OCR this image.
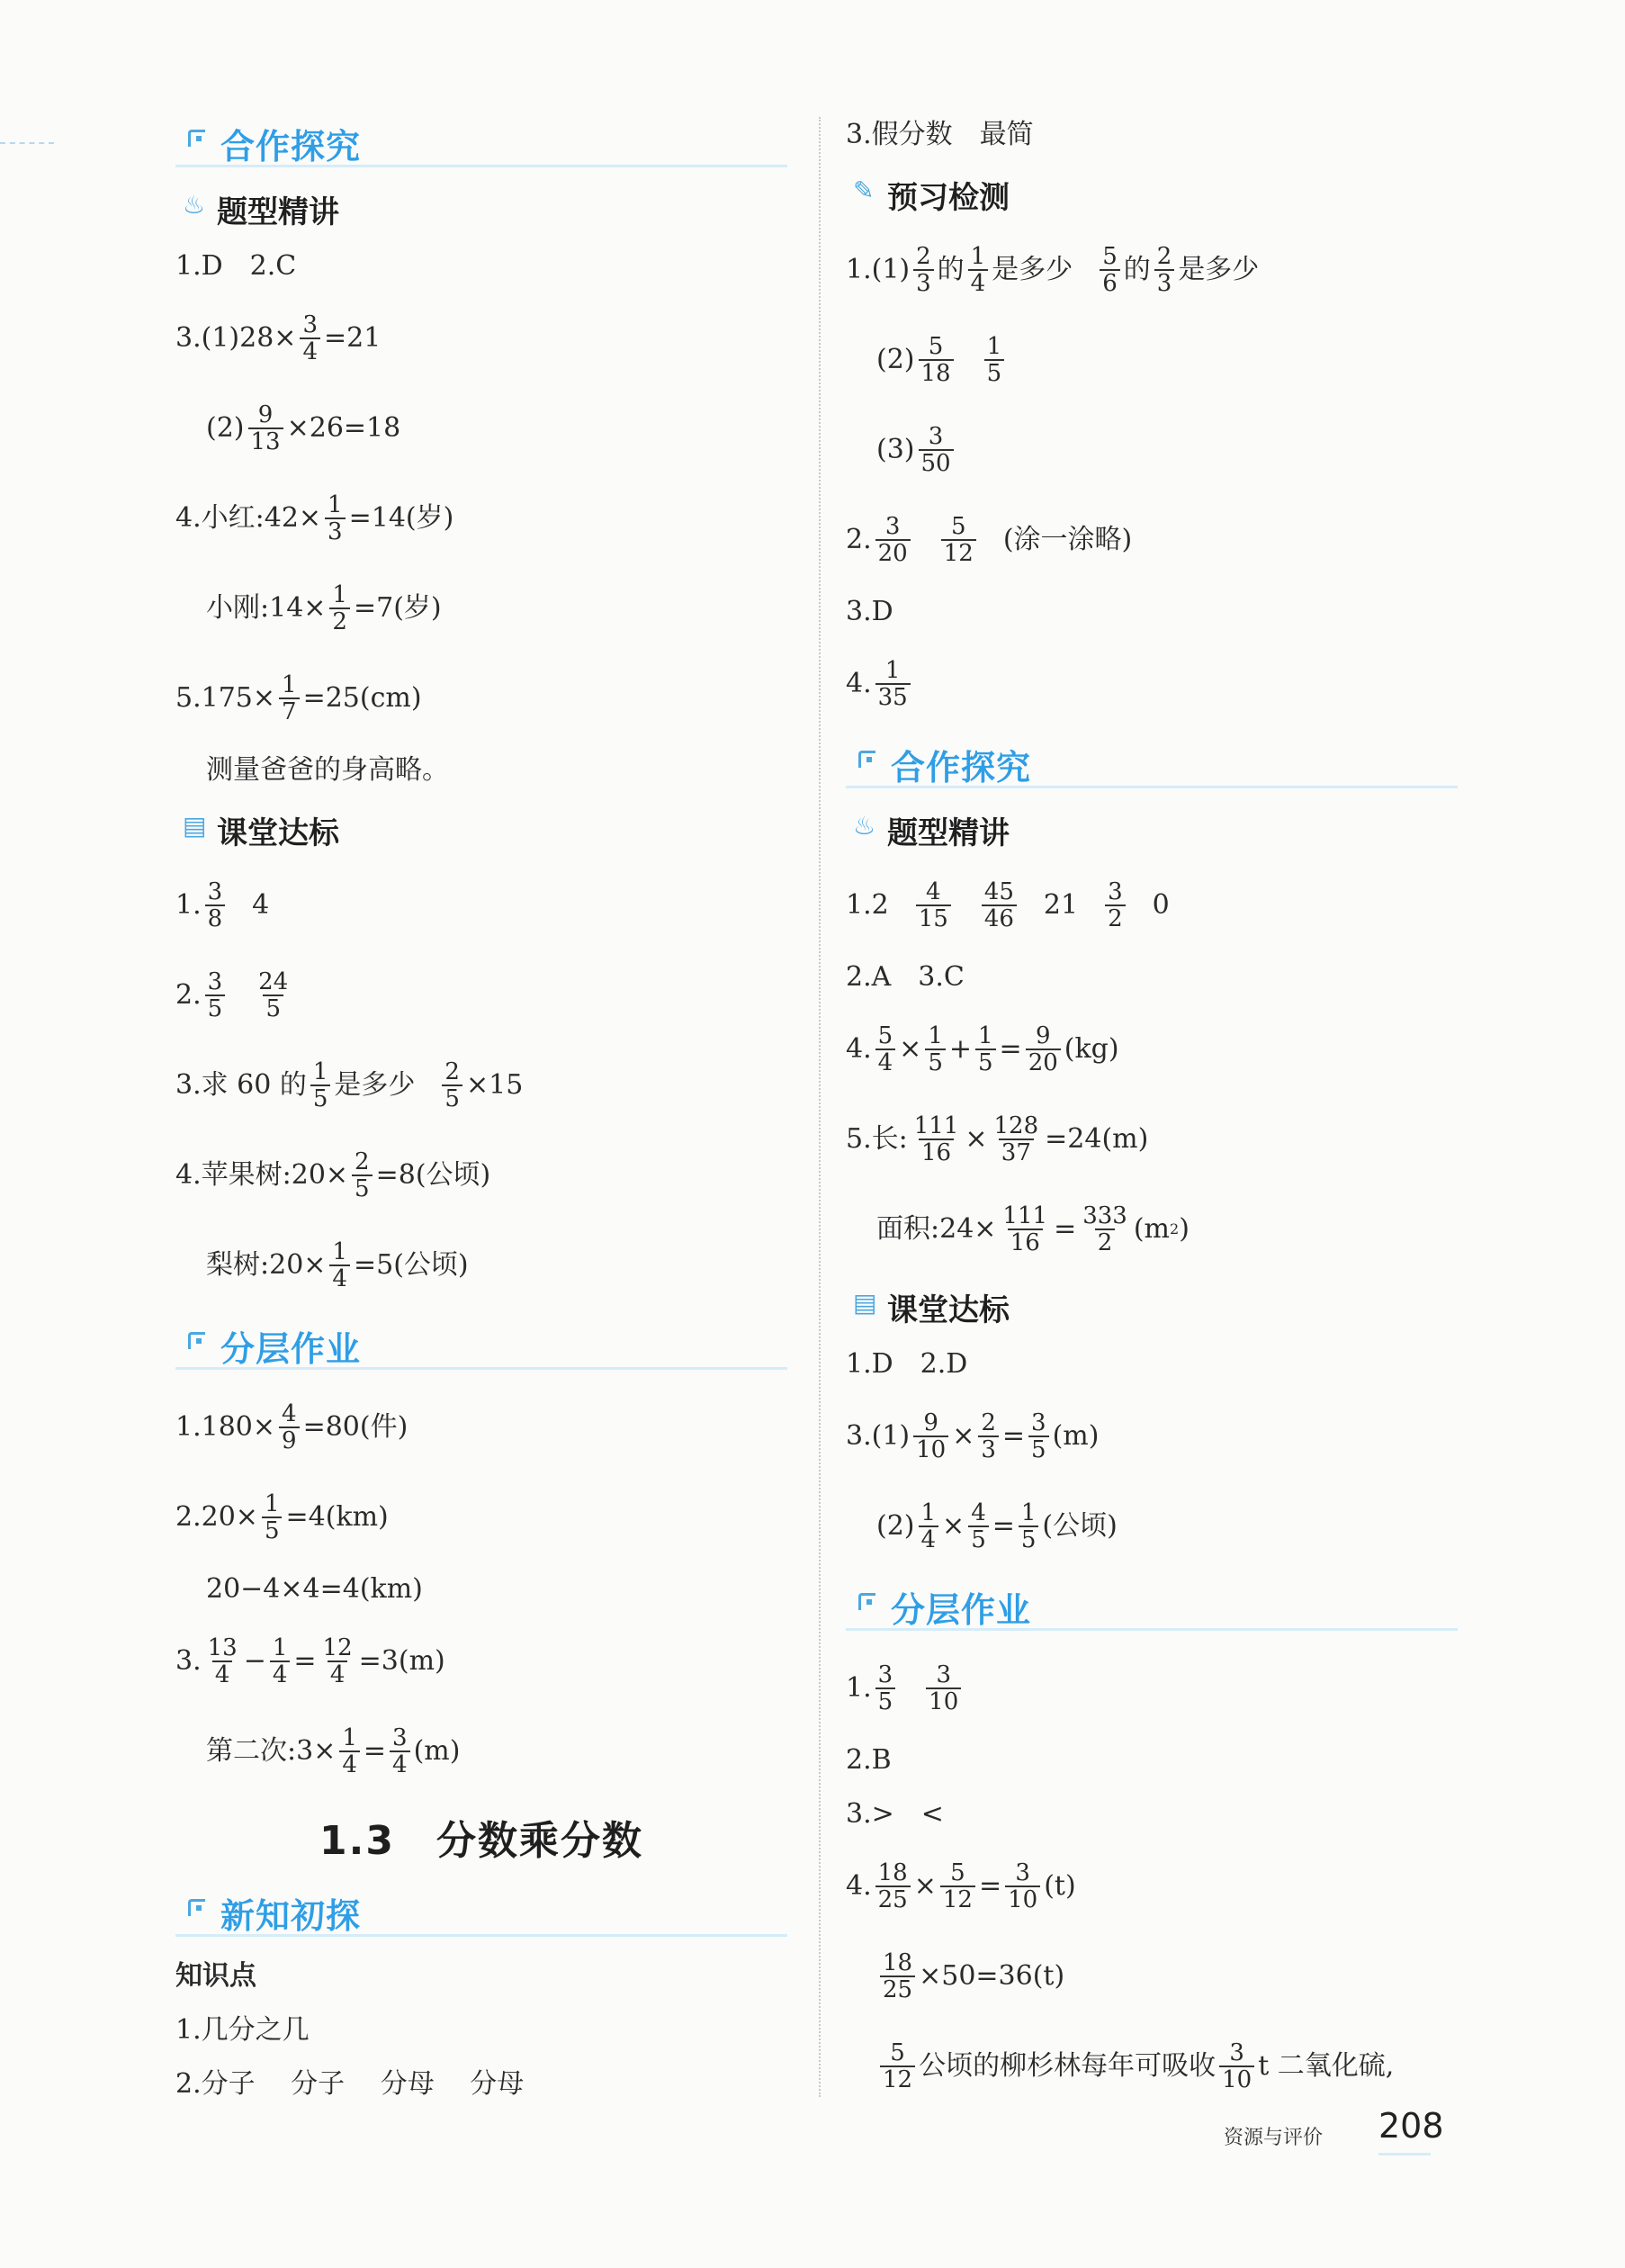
合作探究
♨ 题型精讲
1.D　2.C
$3.(1)28\times \frac{3}{4} =21$
$(2) \frac{9}{13} \times 26=18$
4.小红:42× $\frac{1}{3} =14$(岁)
小刚:14× $\frac{1}{2} =7$(岁)
$5.175\times \frac{1}{7} =25(cm)$
测量爸爸的身高略。
▤ 课堂达标
1. 3
8 4
2. 3
5
24
5
3.求 60 的 1
5 是多少 $\frac{2}{5} \times 15$
4.苹果树:20× $\frac{2}{5} =8$(公顷)
梨树:20× $\frac{1}{4} =5$(公顷)
分层作业
$1.180\times \frac{4}{9} =80$(件)
$2.20\times \frac{1}{5} =4(km)$
20−4×4=4(km)
3. 13
$4 - \frac{1}{4} = \frac{12}{4} =3(m)$
第二次:3× $\frac{1}{4} = \frac{3}{4} (m)$
1.3　分数乘分数
新知初探
知识点
1.几分之几
2.分子　 分子　 分母　 分母
3.假分数　最简
✎ 预习检测
1.(1) 2
3 的 1
4 是多少 5
6 的 2
3 是多少
(2) 5
18
1
5
(3) 3
50
2. 3
20
5
12 (涂一涂略)
3.D
4. 1
35
合作探究
♨ 题型精讲
1.2 4
15
45
46 21 3
2 0
2.A　3.C
4. $\frac{5}{4} \times \frac{1}{5} + \frac{1}{5} = \frac{9}{20} (kg)$
5.长: $\frac{111}{16} \times \frac{128}{37} =24(m)$
面积:24× $\frac{111}{16} = \frac{333}{2} (m$ 2 )
▤ 课堂达标
1.D　2.D
$3.(1) \frac{9}{10} \times \frac{2}{3} = \frac{3}{5} (m)$
$(2) \frac{1}{4} \times \frac{4}{5} = \frac{1}{5}$ (公顷)
分层作业
1. 3
5
3
10
2.B
3.>　<
4. $\frac{18}{25} \times \frac{5}{12} = \frac{3}{10} (t)$
$\frac{18}{25} \times 50=36(t)$
5
12 公顷的柳杉林每年可吸收 3
10 t 二氧化硫,
资源与评价 208
